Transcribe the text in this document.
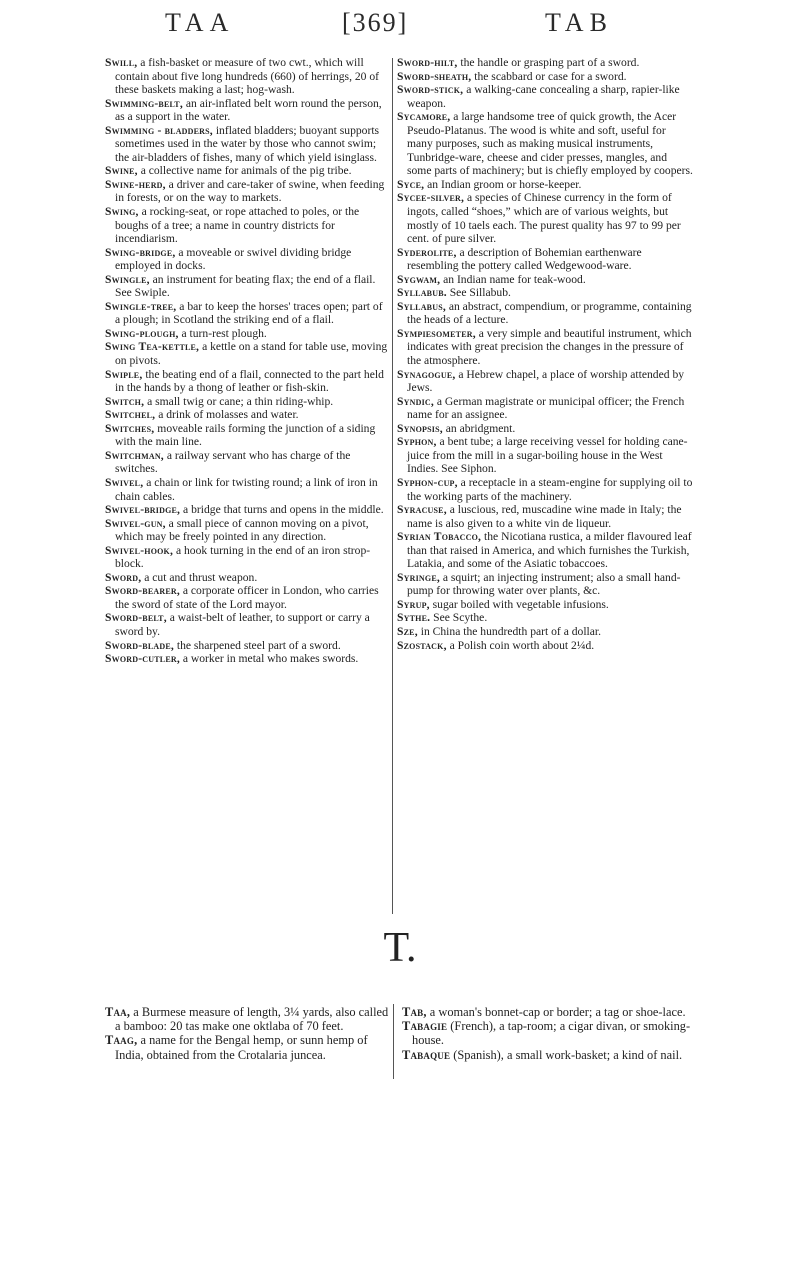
TAA	[369]	TAB
Swill, a fish-basket or measure of two cwt., which will contain about five long hundreds (660) of herrings, 20 of these baskets making a last; hog-wash.
Swimming-belt, an air-inflated belt worn round the person, as a support in the water.
Swimming - bladders, inflated bladders; buoyant supports sometimes used in the water by those who cannot swim; the air-bladders of fishes, many of which yield isinglass.
Swine, a collective name for animals of the pig tribe.
Swine-herd, a driver and care-taker of swine, when feeding in forests, or on the way to markets.
Swing, a rocking-seat, or rope attached to poles, or the boughs of a tree; a name in country districts for incendiarism.
Swing-bridge, a moveable or swivel dividing bridge employed in docks.
Swingle, an instrument for beating flax; the end of a flail. See Swiple.
Swingle-tree, a bar to keep the horses' traces open; part of a plough; in Scotland the striking end of a flail.
Swing-plough, a turn-rest plough.
Swing Tea-kettle, a kettle on a stand for table use, moving on pivots.
Swiple, the beating end of a flail, connected to the part held in the hands by a thong of leather or fish-skin.
Switch, a small twig or cane; a thin riding-whip.
Switchel, a drink of molasses and water.
Switches, moveable rails forming the junction of a siding with the main line.
Switchman, a railway servant who has charge of the switches.
Swivel, a chain or link for twisting round; a link of iron in chain cables.
Swivel-bridge, a bridge that turns and opens in the middle.
Swivel-gun, a small piece of cannon moving on a pivot, which may be freely pointed in any direction.
Swivel-hook, a hook turning in the end of an iron strop-block.
Sword, a cut and thrust weapon.
Sword-bearer, a corporate officer in London, who carries the sword of state of the Lord mayor.
Sword-belt, a waist-belt of leather, to support or carry a sword by.
Sword-blade, the sharpened steel part of a sword.
Sword-cutler, a worker in metal who makes swords.
Sword-hilt, the handle or grasping part of a sword.
Sword-sheath, the scabbard or case for a sword.
Sword-stick, a walking-cane concealing a sharp, rapier-like weapon.
Sycamore, a large handsome tree of quick growth, the Acer Pseudo-Platanus. The wood is white and soft, useful for many purposes, such as making musical instruments, Tunbridge-ware, cheese and cider presses, mangles, and some parts of machinery; but is chiefly employed by coopers.
Syce, an Indian groom or horse-keeper.
Sycee-silver, a species of Chinese currency in the form of ingots, called “shoes,” which are of various weights, but mostly of 10 taels each. The purest quality has 97 to 99 per cent. of pure silver.
Syderolite, a description of Bohemian earthenware resembling the pottery called Wedgewood-ware.
Sygwam, an Indian name for teak-wood.
Syllabub. See Sillabub.
Syllabus, an abstract, compendium, or programme, containing the heads of a lecture.
Sympiesometer, a very simple and beautiful instrument, which indicates with great precision the changes in the pressure of the atmosphere.
Synagogue, a Hebrew chapel, a place of worship attended by Jews.
Syndic, a German magistrate or municipal officer; the French name for an assignee.
Synopsis, an abridgment.
Syphon, a bent tube; a large receiving vessel for holding cane-juice from the mill in a sugar-boiling house in the West Indies. See Siphon.
Syphon-cup, a receptacle in a steam-engine for supplying oil to the working parts of the machinery.
Syracuse, a luscious, red, muscadine wine made in Italy; the name is also given to a white vin de liqueur.
Syrian Tobacco, the Nicotiana rustica, a milder flavoured leaf than that raised in America, and which furnishes the Turkish, Latakia, and some of the Asiatic tobaccoes.
Syringe, a squirt; an injecting instrument; also a small hand-pump for throwing water over plants, &c.
Syrup, sugar boiled with vegetable infusions.
Sythe. See Scythe.
Sze, in China the hundredth part of a dollar.
Szostack, a Polish coin worth about 2¼d.
T.
Taa, a Burmese measure of length, 3¼ yards, also called a bamboo: 20 tas make one oktlaba of 70 feet.
Taag, a name for the Bengal hemp, or sunn hemp of India, obtained from the Crotalaria juncea.
Tab, a woman's bonnet-cap or border; a tag or shoe-lace.
Tabagie (French), a tap-room; a cigar divan, or smoking-house.
Tabaque (Spanish), a small work-basket; a kind of nail.
